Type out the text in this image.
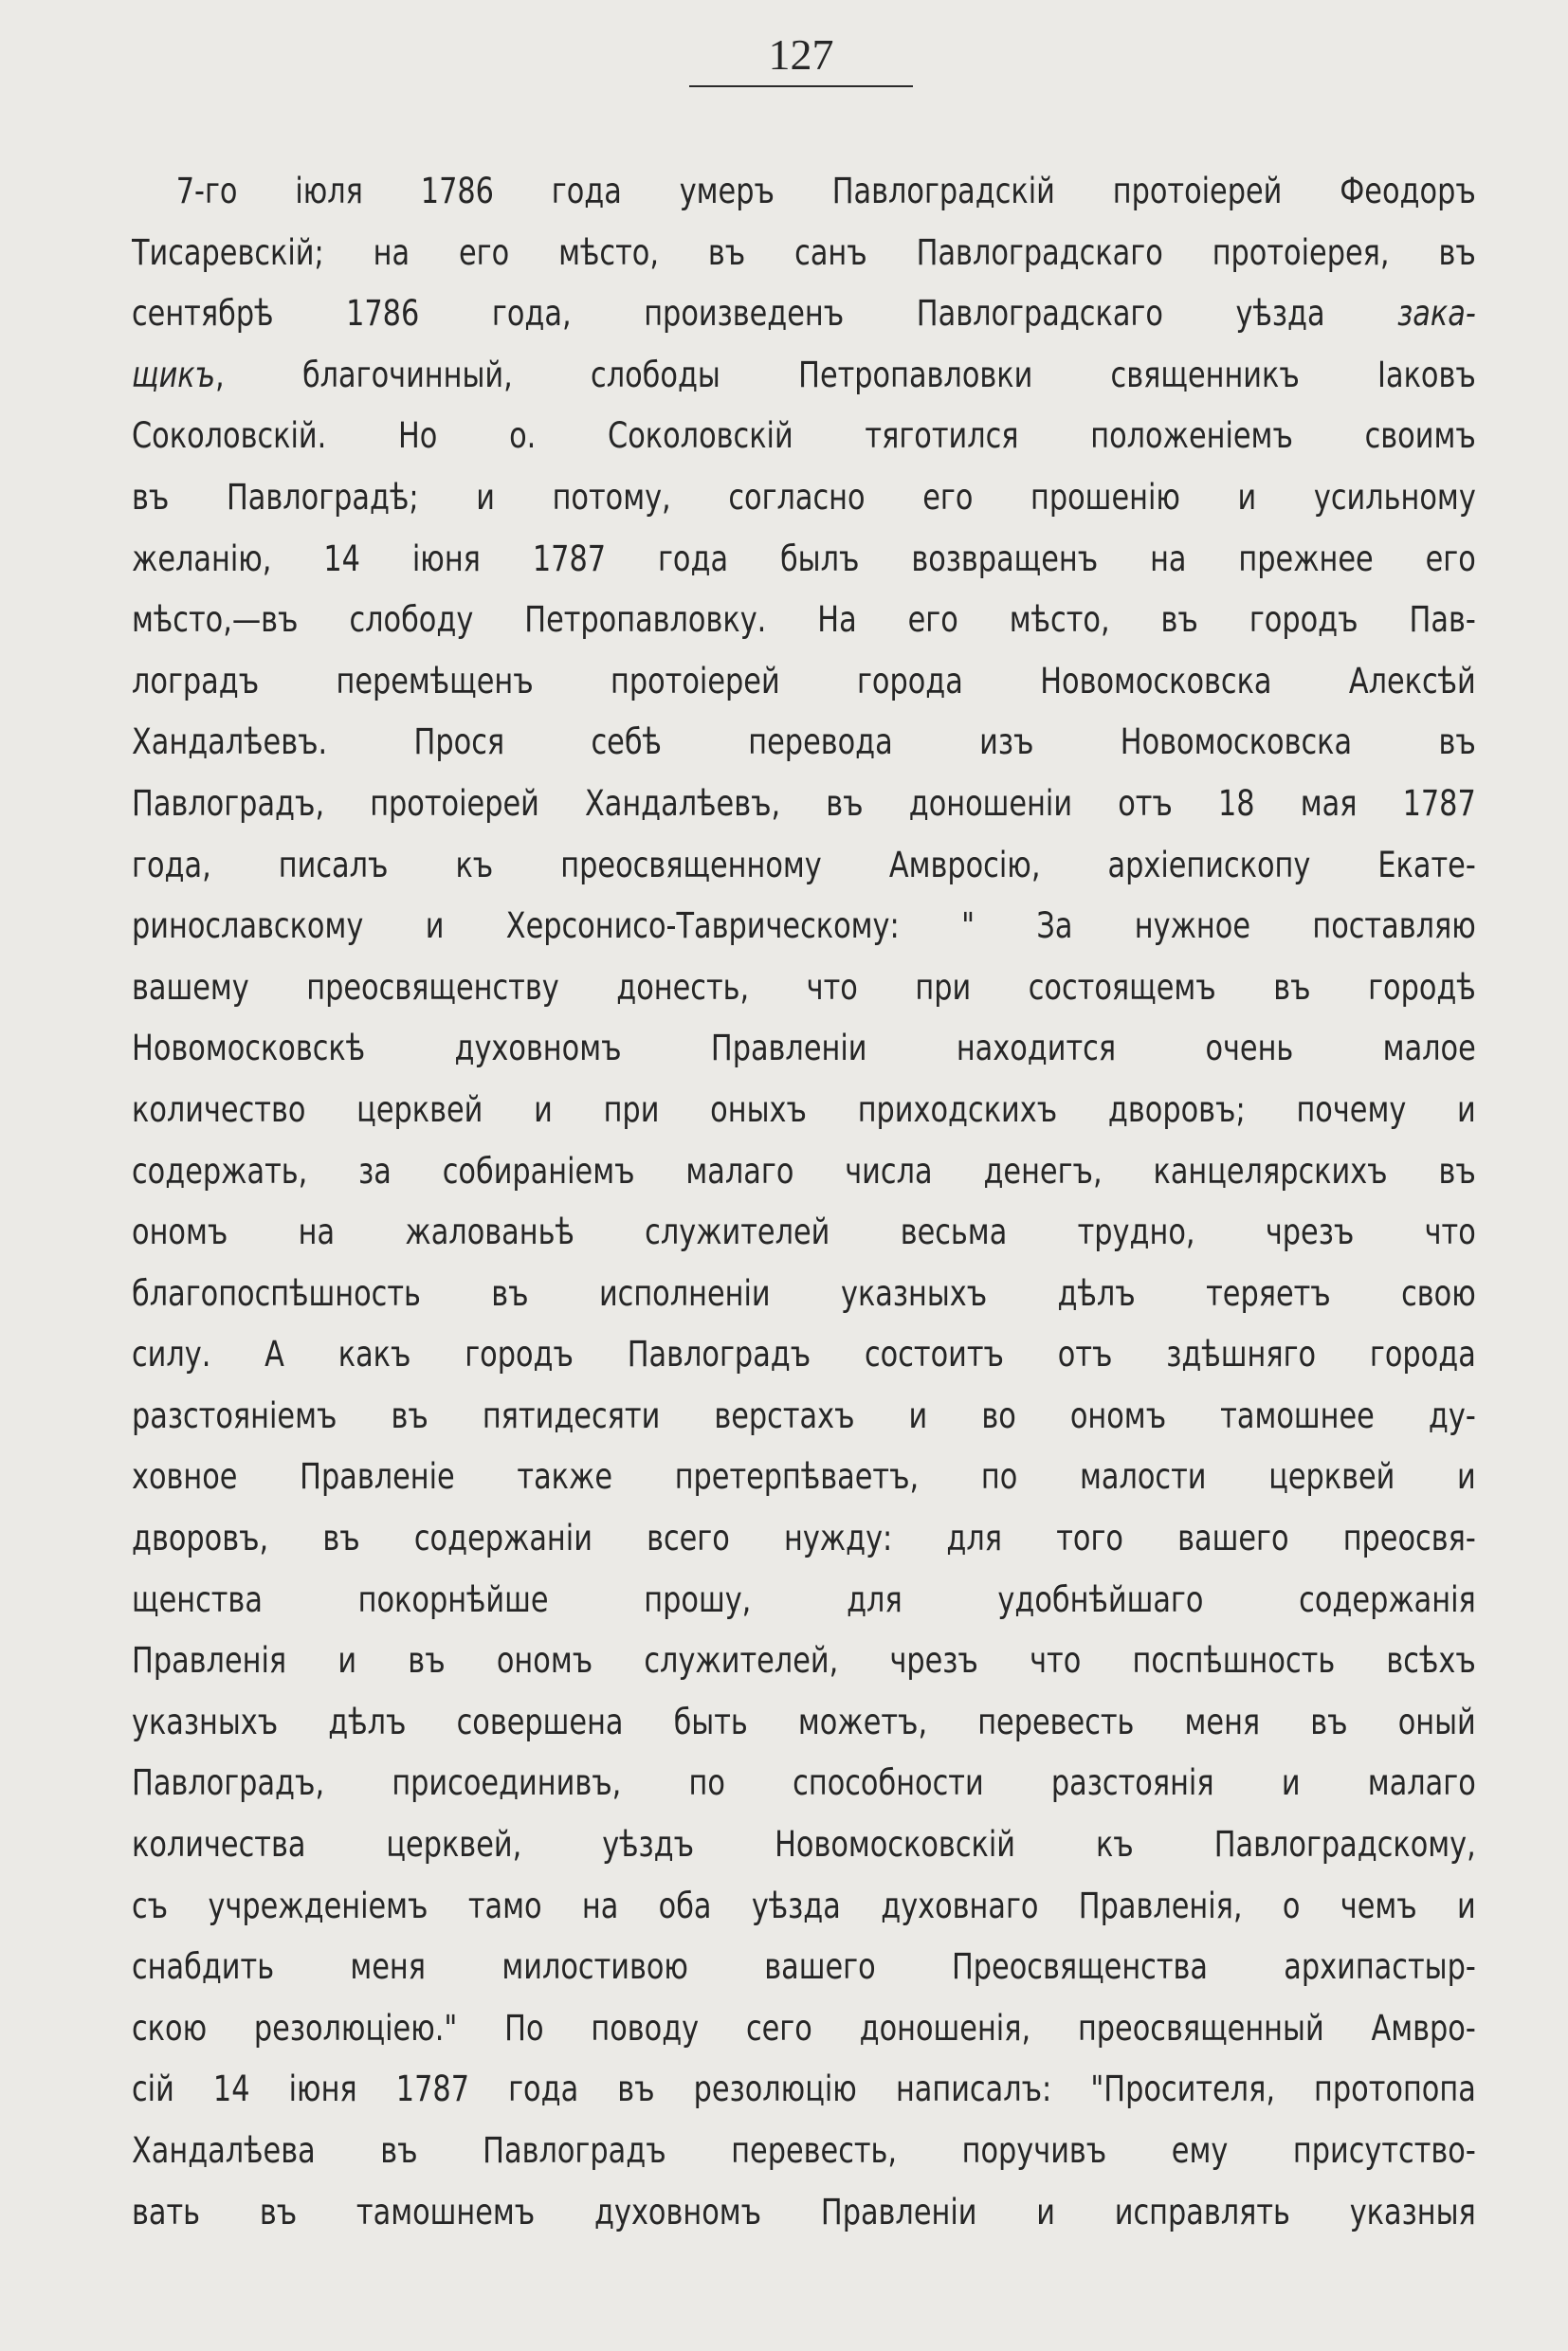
127
7-го іюля 1786 года умеръ Павлоградскій протоіерей Феодоръ
Тисаревскій; на его мѣсто, въ санъ Павлоградскаго протоіерея, въ
сентябрѣ 1786 года, произведенъ Павлоградскаго уѣзда зака-
щикъ, благочинный, слободы Петропавловки священникъ Іаковъ
Соколовскій. Но о. Соколовскій тяготился положеніемъ своимъ
въ Павлоградѣ; и потому, согласно его прошенію и усильному
желанію, 14 іюня 1787 года былъ возвращенъ на прежнее его
мѣсто,—въ слободу Петропавловку. На его мѣсто, въ городъ Пав-
лоградъ перемѣщенъ протоіерей города Новомосковска Алексѣй
Хандалѣевъ. Прося себѣ перевода изъ Новомосковска въ
Павлоградъ, протоіерей Хандалѣевъ, въ доношеніи отъ 18 мая 1787
года, писалъ къ преосвященному Амвросію, архіепископу Екате-
ринославскому и Херсонисо-Таврическому: " За нужное поставляю
вашему преосвященству донесть, что при состоящемъ въ городѣ
Новомосковскѣ духовномъ Правленіи находится очень малое
количество церквей и при оныхъ приходскихъ дворовъ; почему и
содержать, за собираніемъ малаго числа денегъ, канцелярскихъ въ
ономъ на жалованьѣ служителей весьма трудно, чрезъ что
благопоспѣшность въ исполненіи указныхъ дѣлъ теряетъ свою
силу. А какъ городъ Павлоградъ состоитъ отъ здѣшняго города
разстояніемъ въ пятидесяти верстахъ и во ономъ тамошнее ду-
ховное Правленіе также претерпѣваетъ, по малости церквей и
дворовъ, въ содержаніи всего нужду: для того вашего преосвя-
щенства покорнѣйше прошу, для удобнѣйшаго содержанія
Правленія и въ ономъ служителей, чрезъ что поспѣшность всѣхъ
указныхъ дѣлъ совершена быть можетъ, перевесть меня въ оный
Павлоградъ, присоединивъ, по способности разстоянія и малаго
количества церквей, уѣздъ Новомосковскій къ Павлоградскому,
съ учрежденіемъ тамо на оба уѣзда духовнаго Правленія, о чемъ и
снабдить меня милостивою вашего Преосвященства архипастыр-
скою резолюціею." По поводу сего доношенія, преосвященный Амвро-
сій 14 іюня 1787 года въ резолюцію написалъ: "Просителя, протопопа
Хандалѣева въ Павлоградъ перевесть, поручивъ ему присутство-
вать въ тамошнемъ духовномъ Правленіи и исправлять указныя
